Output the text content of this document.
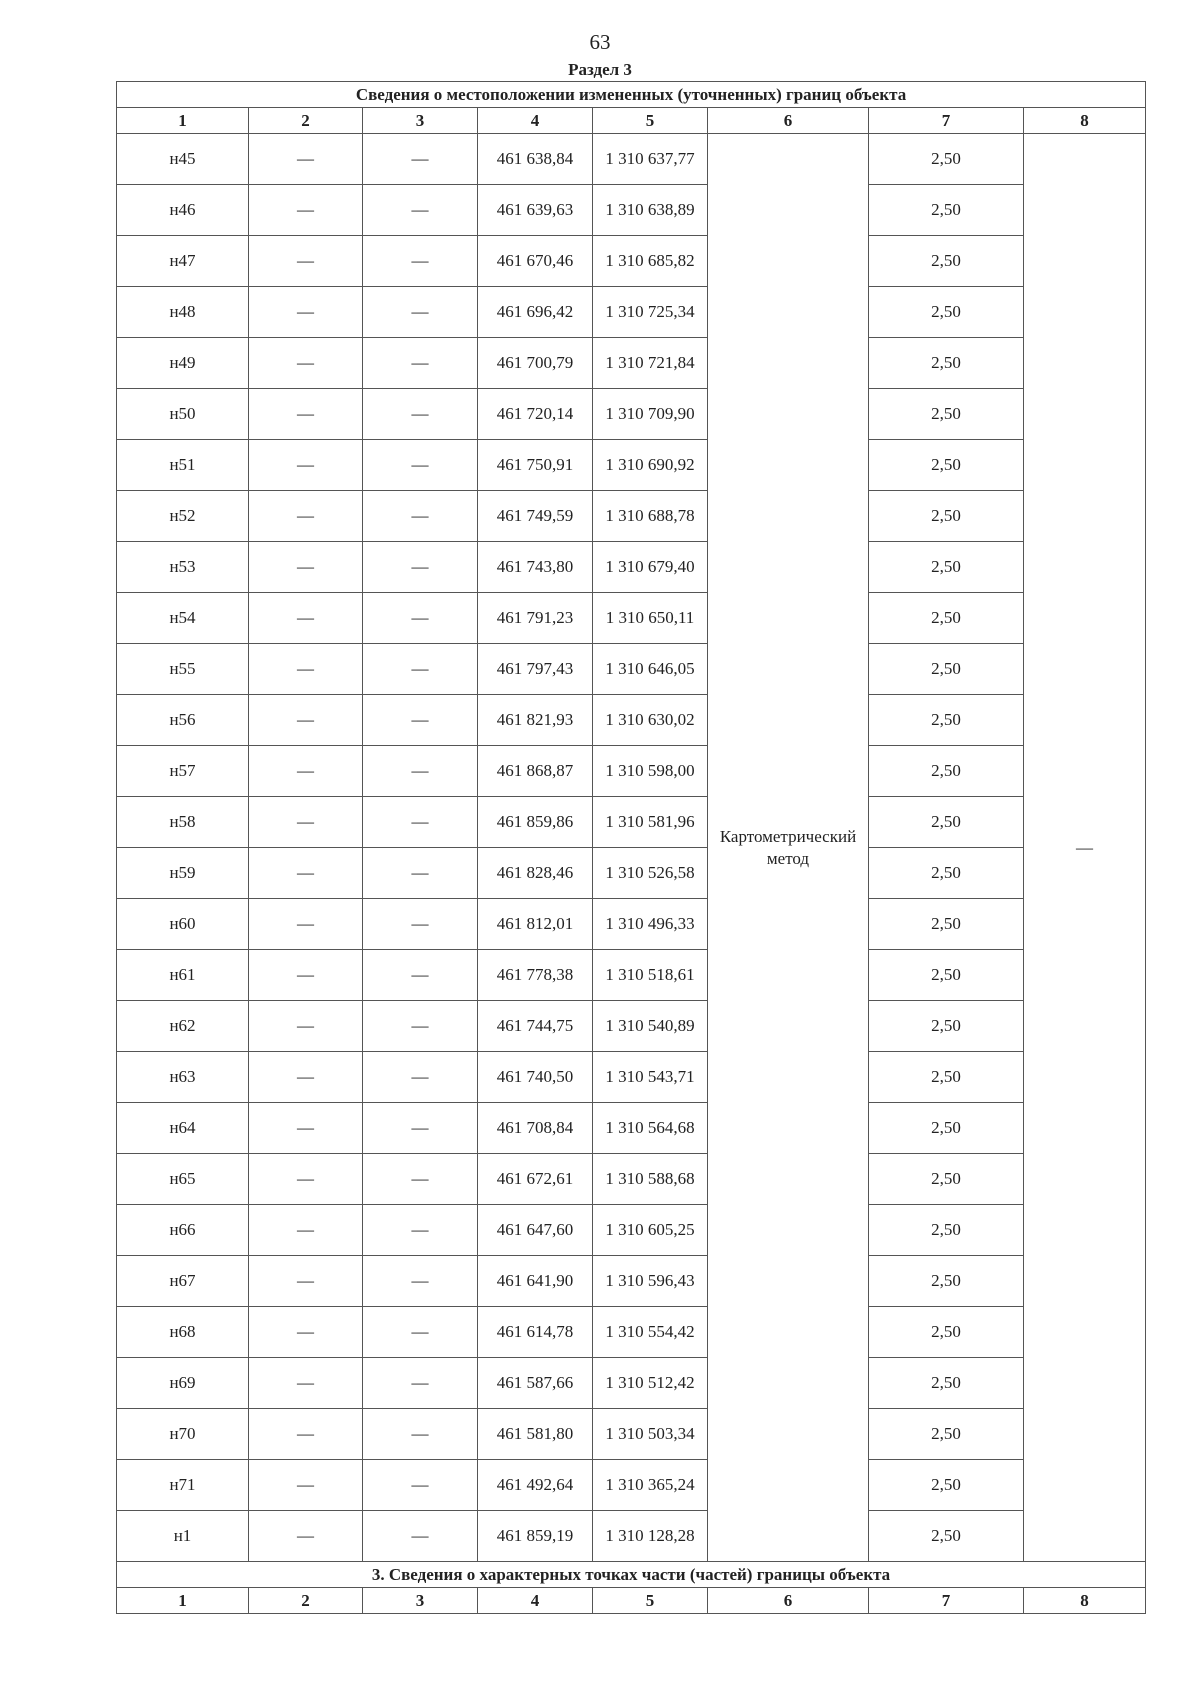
63
Раздел 3
Сведения о местоположении измененных (уточненных) границ объекта							
1	2	3	4	5	6	7	8
н45	—	—	461 638,84	1 310 637,77	Картометрический метод	2,50	—
н46	—	—	461 639,63	1 310 638,89		2,50	
н47	—	—	461 670,46	1 310 685,82		2,50	
н48	—	—	461 696,42	1 310 725,34		2,50	
н49	—	—	461 700,79	1 310 721,84		2,50	
н50	—	—	461 720,14	1 310 709,90		2,50	
н51	—	—	461 750,91	1 310 690,92		2,50	
н52	—	—	461 749,59	1 310 688,78		2,50	
н53	—	—	461 743,80	1 310 679,40		2,50	
н54	—	—	461 791,23	1 310 650,11		2,50	
н55	—	—	461 797,43	1 310 646,05		2,50	
н56	—	—	461 821,93	1 310 630,02		2,50	
н57	—	—	461 868,87	1 310 598,00		2,50	
н58	—	—	461 859,86	1 310 581,96		2,50	
н59	—	—	461 828,46	1 310 526,58		2,50	
н60	—	—	461 812,01	1 310 496,33		2,50	
н61	—	—	461 778,38	1 310 518,61		2,50	
н62	—	—	461 744,75	1 310 540,89		2,50	
н63	—	—	461 740,50	1 310 543,71		2,50	
н64	—	—	461 708,84	1 310 564,68		2,50	
н65	—	—	461 672,61	1 310 588,68		2,50	
н66	—	—	461 647,60	1 310 605,25		2,50	
н67	—	—	461 641,90	1 310 596,43		2,50	
н68	—	—	461 614,78	1 310 554,42		2,50	
н69	—	—	461 587,66	1 310 512,42		2,50	
н70	—	—	461 581,80	1 310 503,34		2,50	
н71	—	—	461 492,64	1 310 365,24		2,50	
н1	—	—	461 859,19	1 310 128,28		2,50	
3. Сведения о характерных точках части (частей) границы объекта							
1	2	3	4	5	6	7	8
